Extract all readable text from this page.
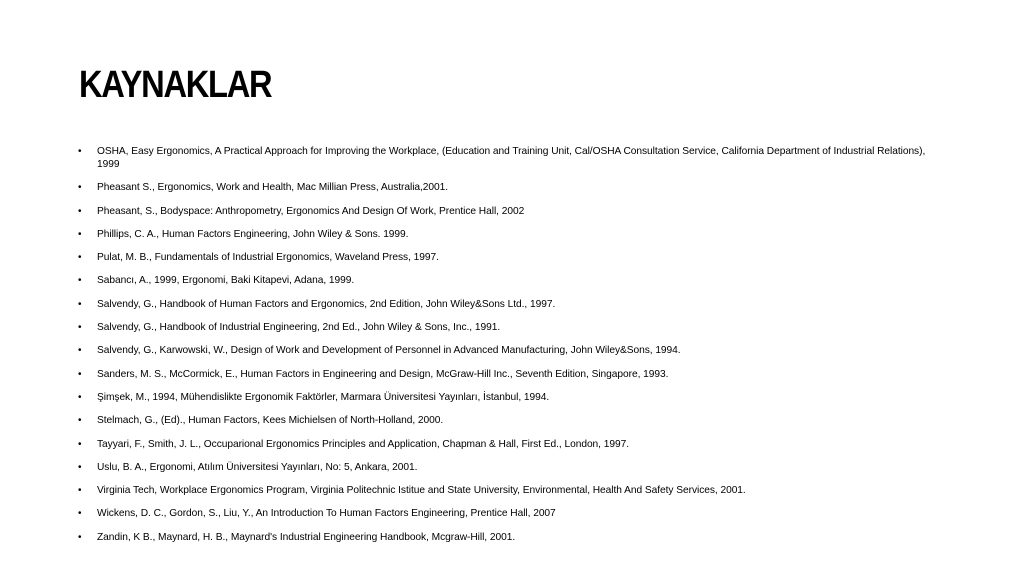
KAYNAKLAR
• OSHA, Easy Ergonomics, A Practical Approach for Improving the Workplace, (Education and Training Unit, Cal/OSHA Consultation Service, California Department of Industrial Relations), 1999
• Pheasant S., Ergonomics, Work and Health, Mac Millian Press, Australia,2001.
• Pheasant, S., Bodyspace: Anthropometry, Ergonomics And Design Of Work, Prentice Hall, 2002
• Phillips, C. A., Human Factors Engineering, John Wiley & Sons. 1999.
• Pulat, M. B., Fundamentals of Industrial Ergonomics, Waveland Press, 1997.
• Sabancı, A., 1999, Ergonomi, Baki Kitapevi, Adana, 1999.
• Salvendy, G., Handbook of Human Factors and Ergonomics, 2nd Edition, John Wiley&Sons Ltd., 1997.
• Salvendy, G., Handbook of Industrial Engineering, 2nd Ed., John Wiley & Sons, Inc., 1991.
• Salvendy, G., Karwowski, W., Design of Work and Development of Personnel in Advanced Manufacturing, John Wiley&Sons, 1994.
• Sanders, M. S., McCormick, E., Human Factors in Engineering and Design, McGraw-Hill Inc., Seventh Edition, Singapore, 1993.
• Şimşek, M., 1994, Mühendislikte Ergonomik Faktörler, Marmara Üniversitesi Yayınları, İstanbul, 1994.
• Stelmach, G., (Ed)., Human Factors, Kees Michielsen of North-Holland, 2000.
• Tayyari, F., Smith, J. L., Occuparional Ergonomics Principles and Application, Chapman & Hall, First Ed., London, 1997.
• Uslu, B. A., Ergonomi, Atılım Üniversitesi Yayınları, No: 5, Ankara, 2001.
• Virginia Tech, Workplace Ergonomics Program, Virginia Politechnic Istitue and State University, Environmental, Health And Safety Services, 2001.
• Wickens, D. C., Gordon, S., Liu, Y., An Introduction To Human Factors Engineering, Prentice Hall, 2007
• Zandin, K B., Maynard, H. B., Maynard's Industrial Engineering Handbook, Mcgraw-Hill, 2001.
